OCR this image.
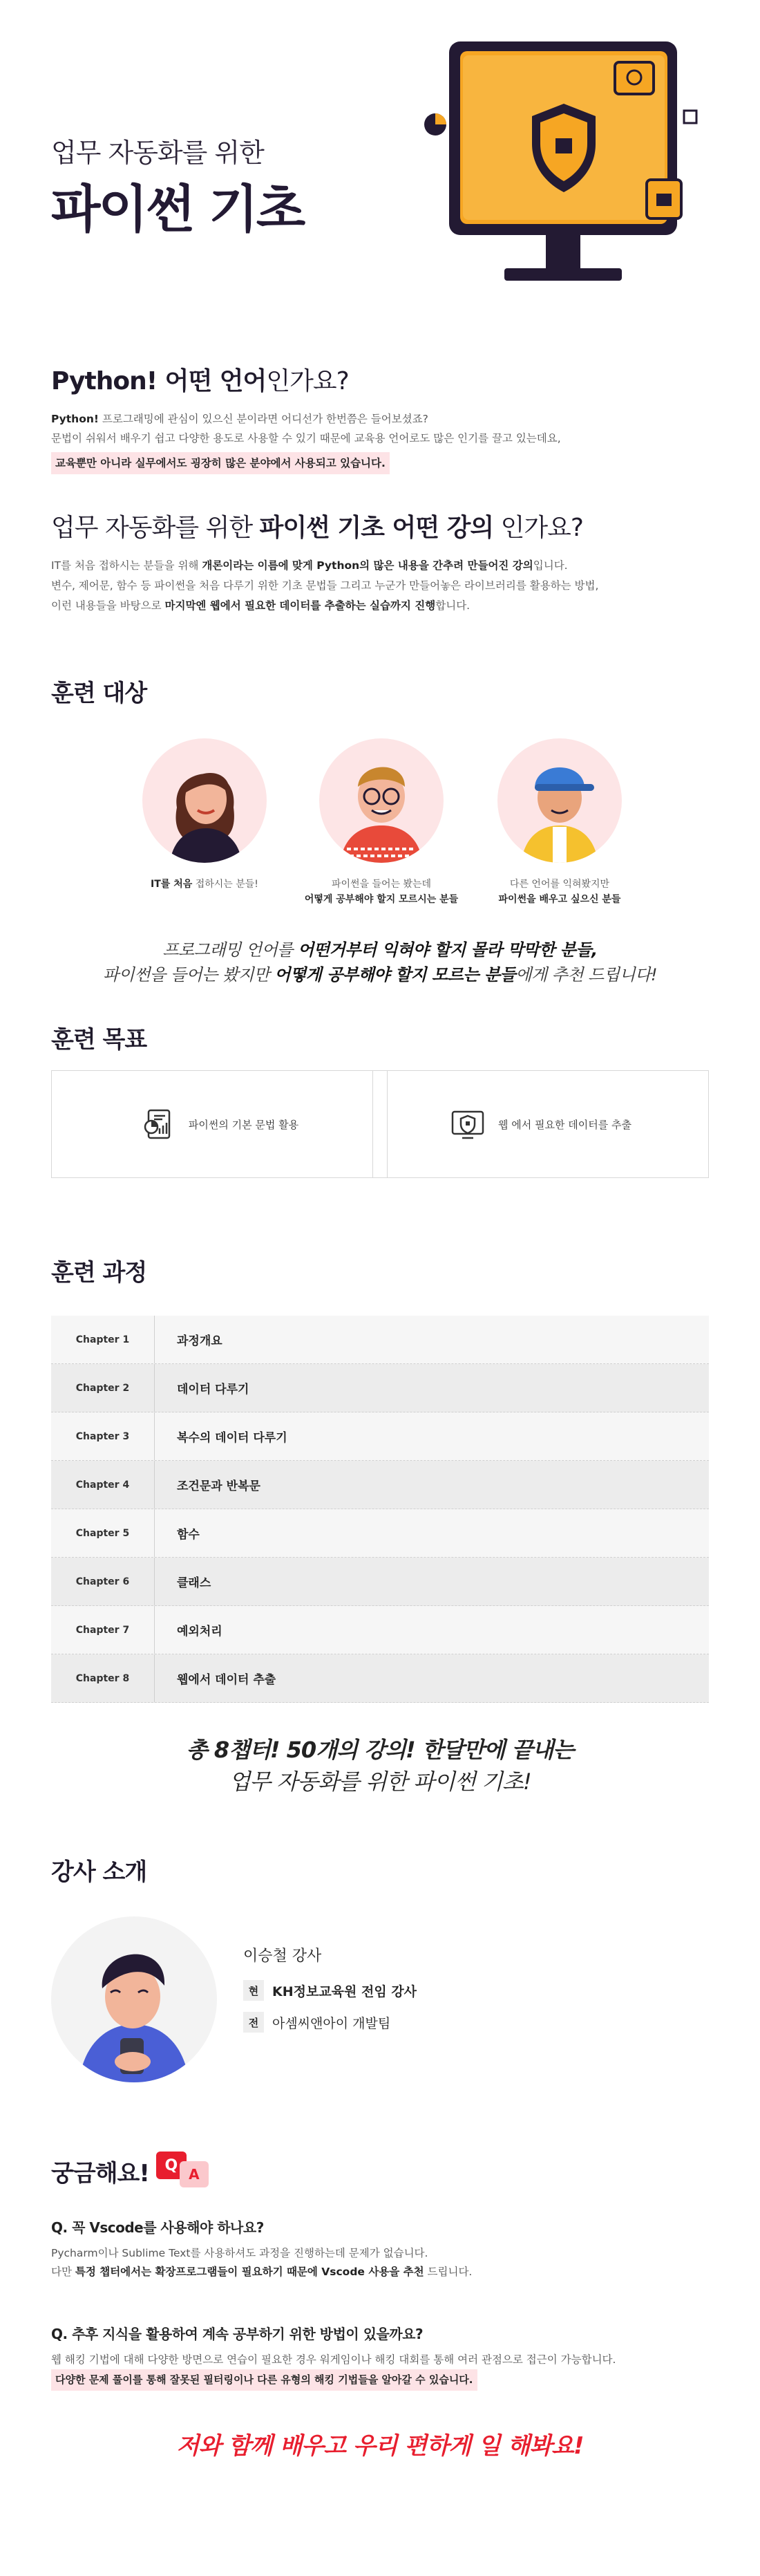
업무 자동화를 위한
파이썬 기초
Python! 어떤 언어인가요?
Python! 프로그래밍에 관심이 있으신 분이라면 어디선가 한번쯤은 들어보셨죠?
문법이 쉬워서 배우기 쉽고 다양한 용도로 사용할 수 있기 때문에 교육용 언어로도 많은 인기를 끌고 있는데요,
교육뿐만 아니라 실무에서도 굉장히 많은 분야에서 사용되고 있습니다.
업무 자동화를 위한 파이썬 기초 어떤 강의 인가요?
IT를 처음 접하시는 분들을 위해 개론이라는 이름에 맞게 Python의 많은 내용을 간추려 만들어진 강의입니다.
변수, 제어문, 함수 등 파이썬을 처음 다루기 위한 기초 문법들 그리고 누군가 만들어놓은 라이브러리를 활용하는 방법,
이런 내용들을 바탕으로 마지막엔 웹에서 필요한 데이터를 추출하는 실습까지 진행합니다.
훈련 대상
IT를 처음 접하시는 분들!	파이썬을 들어는 봤는데
어떻게 공부해야 할지 모르시는 분들
다른 언어를 익혀봤지만
파이썬을 배우고 싶으신 분들
프로그래밍 언어를 어떤거부터 익혀야 할지 몰라 막막한 분들,
파이썬을 들어는 봤지만 어떻게 공부해야 할지 모르는 분들에게 추천 드립니다!
훈련 목표
파이썬의 기본 문법 활용	웹 에서 필요한 데이터를 추출
훈련 과정
Chapter 1	과정개요
Chapter 2	데이터 다루기
Chapter 3	복수의 데이터 다루기
Chapter 4	조건문과 반복문
Chapter 5	함수
Chapter 6	클래스
Chapter 7	예외처리
Chapter 8	웹에서 데이터 추출
총 8챕터! 50개의 강의! 한달만에 끝내는
업무 자동화를 위한 파이썬 기초!
강사 소개
이승철 강사
현	KH정보교육원 전임 강사
전	아셈씨앤아이 개발팀
궁금해요!	Q
A
Q. 꼭 Vscode를 사용해야 하나요?
Pycharm이나 Sublime Text를 사용하셔도 과정을 진행하는데 문제가 없습니다.
다만 특정 챕터에서는 확장프로그램들이 필요하기 때문에 Vscode 사용을 추천 드립니다.
Q. 추후 지식을 활용하여 계속 공부하기 위한 방법이 있을까요?
웹 해킹 기법에 대해 다양한 방면으로 연습이 필요한 경우 워게임이나 해킹 대회를 통해 여러 관점으로 접근이 가능합니다.
다양한 문제 풀이를 통해 잘못된 필터링이나 다른 유형의 해킹 기법들을 알아갈 수 있습니다.
저와 함께 배우고 우리 편하게 일 해봐요!
